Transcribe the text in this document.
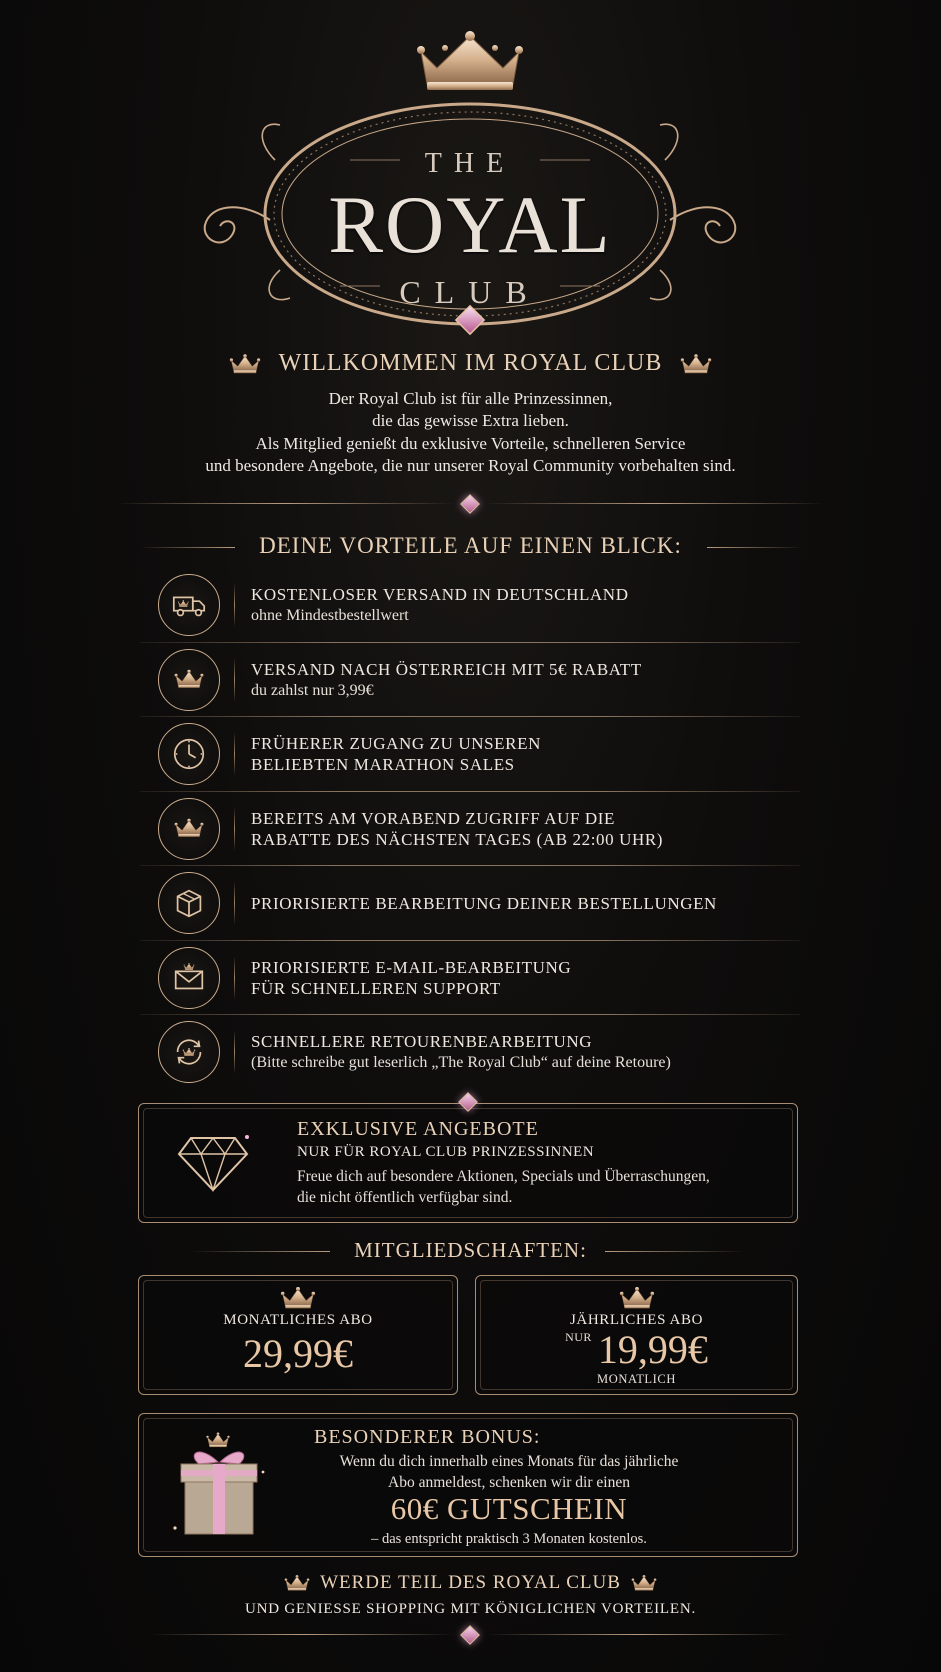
THE
ROYAL
CLUB
WILLKOMMEN IM ROYAL CLUB
Der Royal Club ist für alle Prinzessinnen,
die das gewisse Extra lieben.
Als Mitglied genießt du exklusive Vorteile, schnelleren Service
und besondere Angebote, die nur unserer Royal Community vorbehalten sind.
DEINE VORTEILE AUF EINEN BLICK:
KOSTENLOSER VERSAND IN DEUTSCHLAND
ohne Mindestbestellwert
VERSAND NACH ÖSTERREICH MIT 5€ RABATT
du zahlst nur 3,99€
FRÜHERER ZUGANG ZU UNSEREN
BELIEBTEN MARATHON SALES
BEREITS AM VORABEND ZUGRIFF AUF DIE
RABATTE DES NÄCHSTEN TAGES (AB 22:00 UHR)
PRIORISIERTE BEARBEITUNG DEINER BESTELLUNGEN
PRIORISIERTE E-MAIL-BEARBEITUNG
FÜR SCHNELLEREN SUPPORT
SCHNELLERE RETOURENBEARBEITUNG
(Bitte schreibe gut leserlich „The Royal Club“ auf deine Retoure)
EXKLUSIVE ANGEBOTE
NUR FÜR ROYAL CLUB PRINZESSINNEN
Freue dich auf besondere Aktionen, Specials und Überraschungen,
die nicht öffentlich verfügbar sind.
MITGLIEDSCHAFTEN:
MONATLICHES ABO
29,99€
JÄHRLICHES ABO
$^{NUR}$ 19,99€
MONATLICH
BESONDERER BONUS:
Wenn du dich innerhalb eines Monats für das jährliche
Abo anmeldest, schenken wir dir einen
60€ GUTSCHEIN
– das entspricht praktisch 3 Monaten kostenlos.
WERDE TEIL DES ROYAL CLUB
UND GENIESSE SHOPPING MIT KÖNIGLICHEN VORTEILEN.
